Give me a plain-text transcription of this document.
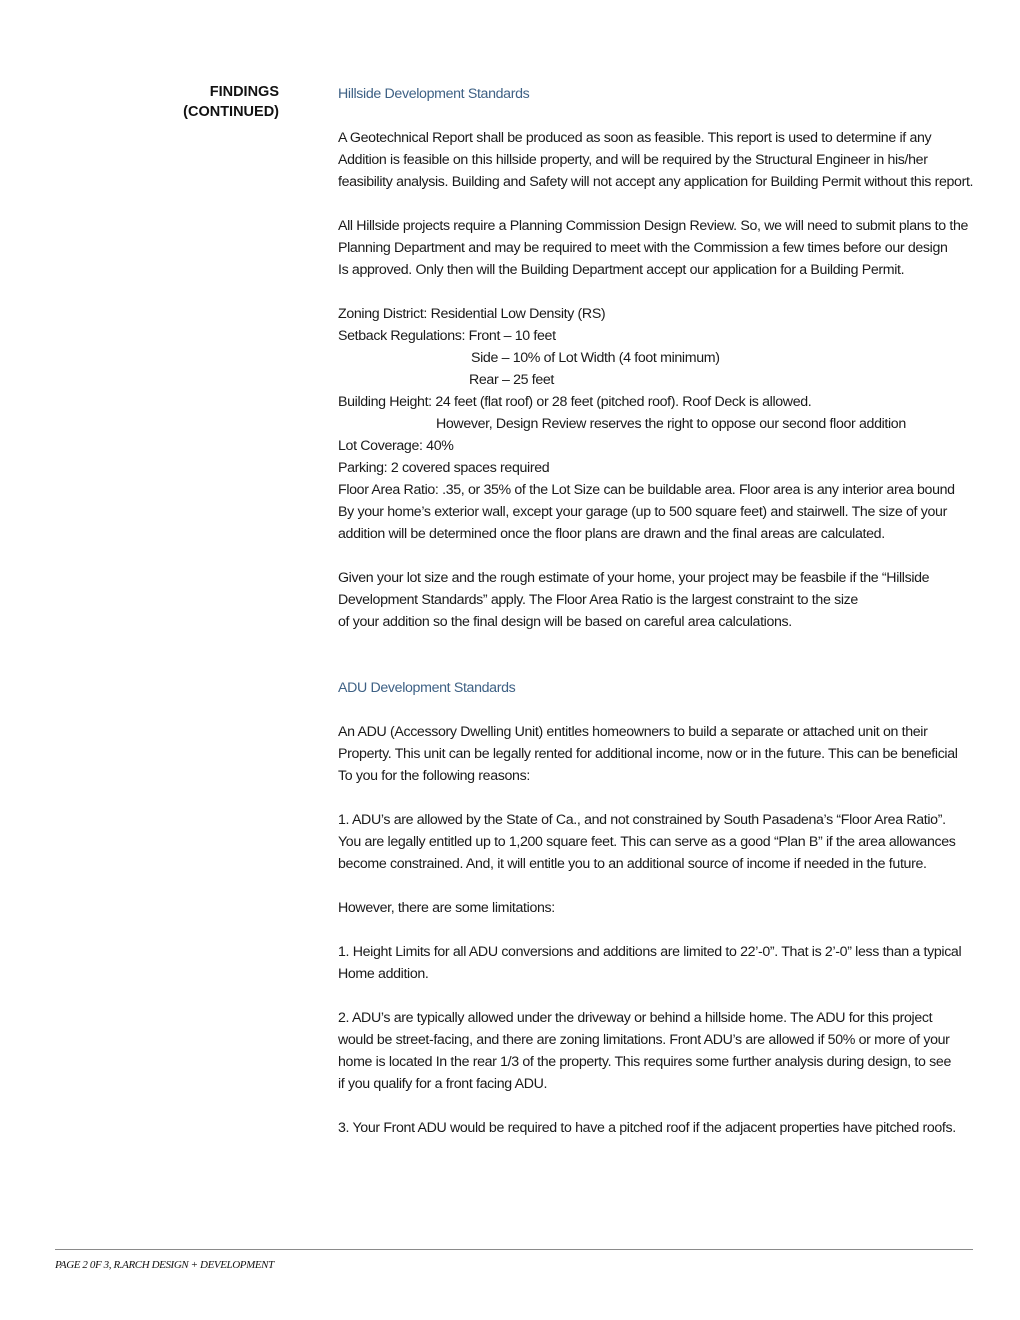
FINDINGS
(CONTINUED)
Hillside Development Standards
A Geotechnical Report shall be produced as soon as feasible. This report is used to determine if any
Addition is feasible on this hillside property, and will be required by the Structural Engineer in his/her
feasibility analysis. Building and Safety will not accept any application for Building Permit without this report.
All Hillside projects require a Planning Commission Design Review. So, we will need to submit plans to the
Planning Department and may be required to meet with the Commission a few times before our design
Is approved. Only then will the Building Department accept our application for a Building Permit.
Zoning District: Residential Low Density (RS)
Setback Regulations: Front – 10 feet
Side – 10% of Lot Width (4 foot minimum)
Rear – 25 feet
Building Height: 24 feet (flat roof) or 28 feet (pitched roof). Roof Deck is allowed.
However, Design Review reserves the right to oppose our second floor addition
Lot Coverage: 40%
Parking: 2 covered spaces required
Floor Area Ratio: .35, or 35% of the Lot Size can be buildable area. Floor area is any interior area bound
By your home’s exterior wall, except your garage (up to 500 square feet) and stairwell. The size of your
addition will be determined once the floor plans are drawn and the final areas are calculated.
Given your lot size and the rough estimate of your home, your project may be feasbile if the “Hillside
Development Standards” apply. The Floor Area Ratio is the largest constraint to the size
of your addition so the final design will be based on careful area calculations.
ADU Development Standards
An ADU (Accessory Dwelling Unit) entitles homeowners to build a separate or attached unit on their
Property. This unit can be legally rented for additional income, now or in the future. This can be beneficial
To you for the following reasons:
1. ADU’s are allowed by the State of Ca., and not constrained by South Pasadena’s “Floor Area Ratio”.
You are legally entitled up to 1,200 square feet. This can serve as a good “Plan B” if the area allowances
become constrained. And, it will entitle you to an additional source of income if needed in the future.
However, there are some limitations:
1. Height Limits for all ADU conversions and additions are limited to 22’-0”. That is 2’-0” less than a typical
Home addition.
2. ADU’s are typically allowed under the driveway or behind a hillside home. The ADU for this project
would be street-facing, and there are zoning limitations. Front ADU’s are allowed if 50% or more of your
home is located In the rear 1/3 of the property. This requires some further analysis during design, to see
if you qualify for a front facing ADU.
3. Your Front ADU would be required to have a pitched roof if the adjacent properties have pitched roofs.
PAGE 2 0F 3, R.ARCH DESIGN + DEVELOPMENT
